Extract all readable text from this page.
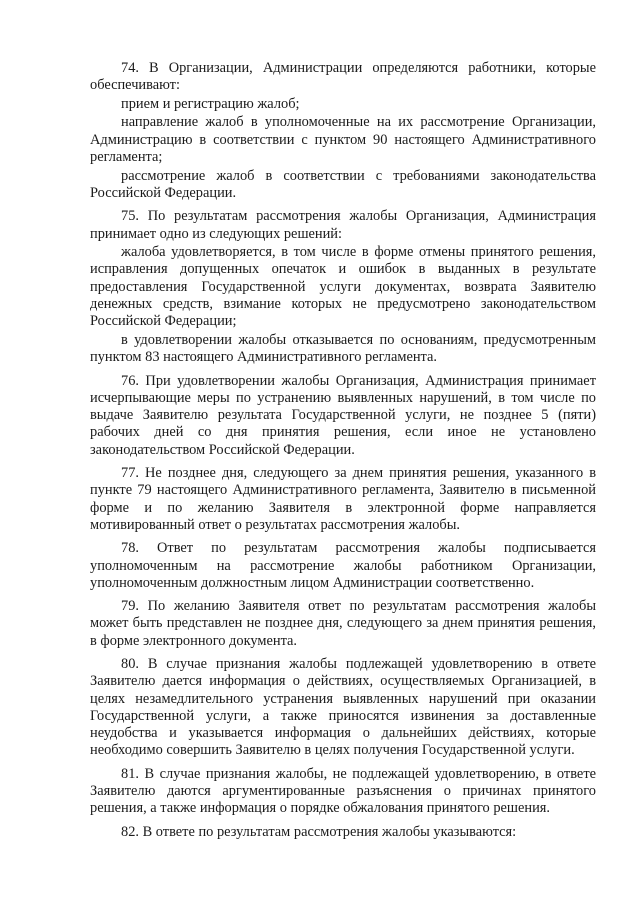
74. В Организации, Администрации определяются работники, которые обеспечивают:

прием и регистрацию жалоб;

направление жалоб в уполномоченные на их рассмотрение Организации, Администрацию в соответствии с пунктом 90 настоящего Административного регламента;

рассмотрение жалоб в соответствии с требованиями законодательства Российской Федерации.

75. По результатам рассмотрения жалобы Организация, Администрация принимает одно из следующих решений:

жалоба удовлетворяется, в том числе в форме отмены принятого решения, исправления допущенных опечаток и ошибок в выданных в результате предоставления Государственной услуги документах, возврата Заявителю денежных средств, взимание которых не предусмотрено законодательством Российской Федерации;

в удовлетворении жалобы отказывается по основаниям, предусмотренным пунктом 83 настоящего Административного регламента.

76. При удовлетворении жалобы Организация, Администрация принимает исчерпывающие меры по устранению выявленных нарушений, в том числе по выдаче Заявителю результата Государственной услуги, не позднее 5 (пяти) рабочих дней со дня принятия решения, если иное не установлено законодательством Российской Федерации.

77. Не позднее дня, следующего за днем принятия решения, указанного в пункте 79 настоящего Административного регламента, Заявителю в письменной форме и по желанию Заявителя в электронной форме направляется мотивированный ответ о результатах рассмотрения жалобы.

78. Ответ по результатам рассмотрения жалобы подписывается уполномоченным на рассмотрение жалобы работником Организации, уполномоченным должностным лицом Администрации соответственно.

79. По желанию Заявителя ответ по результатам рассмотрения жалобы может быть представлен не позднее дня, следующего за днем принятия решения, в форме электронного документа.

80. В случае признания жалобы подлежащей удовлетворению в ответе Заявителю дается информация о действиях, осуществляемых Организацией, в целях незамедлительного устранения выявленных нарушений при оказании Государственной услуги, а также приносятся извинения за доставленные неудобства и указывается информация о дальнейших действиях, которые необходимо совершить Заявителю в целях получения Государственной услуги.

81. В случае признания жалобы, не подлежащей удовлетворению, в ответе Заявителю даются аргументированные разъяснения о причинах принятого решения, а также информация о порядке обжалования принятого решения.

82. В ответе по результатам рассмотрения жалобы указываются:
